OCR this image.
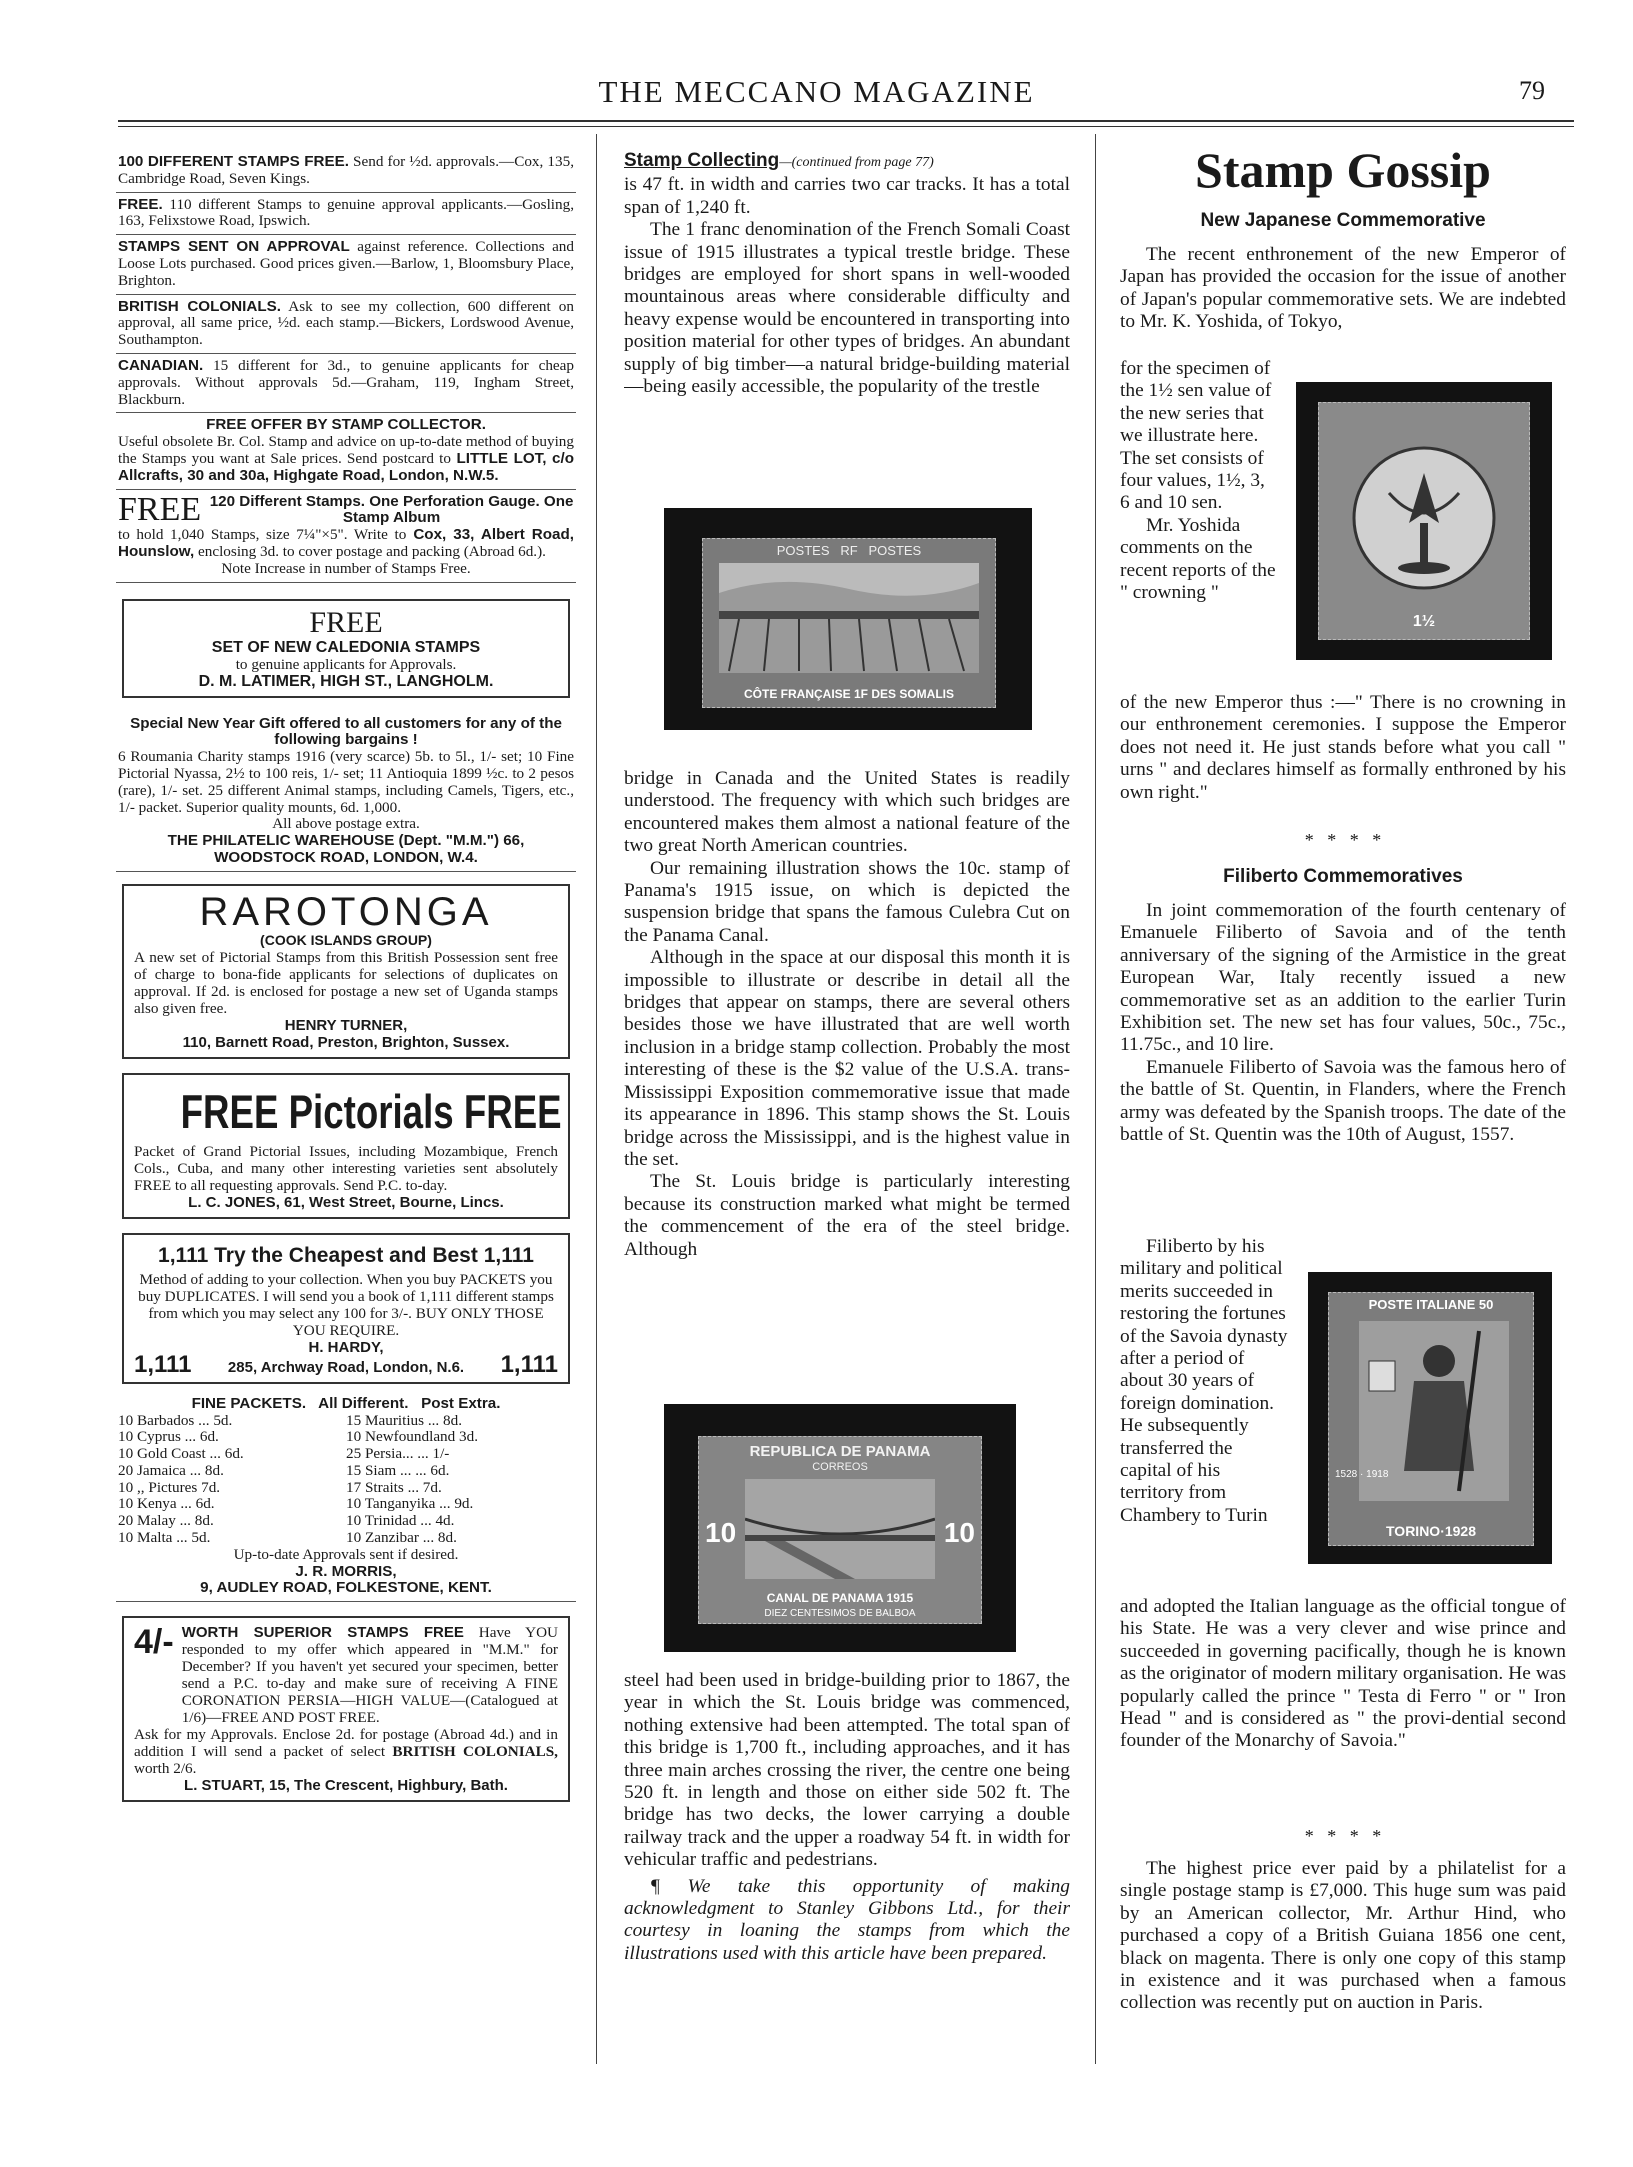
THE MECCANO MAGAZINE	79
100 DIFFERENT STAMPS FREE. Send for ½d. approvals.—Cox, 135, Cambridge Road, Seven Kings.
FREE. 110 different Stamps to genuine approval applicants.—Gosling, 163, Felixstowe Road, Ipswich.
STAMPS SENT ON APPROVAL against reference. Collections and Loose Lots purchased. Good prices given.—Barlow, 1, Bloomsbury Place, Brighton.
BRITISH COLONIALS. Ask to see my collection, 600 different on approval, all same price, ½d. each stamp.—Bickers, Lordswood Avenue, Southampton.
CANADIAN. 15 different for 3d., to genuine applicants for cheap approvals. Without approvals 5d.—Graham, 119, Ingham Street, Blackburn.
FREE OFFER BY STAMP COLLECTOR.
Useful obsolete Br. Col. Stamp and advice on up-to-date method of buying the Stamps you want at Sale prices. Send postcard to LITTLE LOT, c/o Allcrafts, 30 and 30a, Highgate Road, London, N.W.5.
FREE 120 Different Stamps. One Perforation Gauge. One Stamp Album
to hold 1,040 Stamps, size 7¼"×5". Write to Cox, 33, Albert Road, Hounslow, enclosing 3d. to cover postage and packing (Abroad 6d.).
Note Increase in number of Stamps Free.
FREE
SET OF NEW CALEDONIA STAMPS
to genuine applicants for Approvals.
D. M. LATIMER, HIGH ST., LANGHOLM.
Special New Year Gift offered to all customers for any of the following bargains !
6 Roumania Charity stamps 1916 (very scarce) 5b. to 5l., 1/- set; 10 Fine Pictorial Nyassa, 2½ to 100 reis, 1/- set; 11 Antioquia 1899 ½c. to 2 pesos (rare), 1/- set. 25 different Animal stamps, including Camels, Tigers, etc., 1/- packet. Superior quality mounts, 6d. 1,000.
All above postage extra.
THE PHILATELIC WAREHOUSE (Dept. "M.M.") 66, WOODSTOCK ROAD, LONDON, W.4.
RAROTONGA
(COOK ISLANDS GROUP)
A new set of Pictorial Stamps from this British Possession sent free of charge to bona-fide applicants for selections of duplicates on approval. If 2d. is enclosed for postage a new set of Uganda stamps also given free.
HENRY TURNER,
110, Barnett Road, Preston, Brighton, Sussex.
FREE Pictorials FREE
Packet of Grand Pictorial Issues, including Mozambique, French Cols., Cuba, and many other interesting varieties sent absolutely FREE to all requesting approvals. Send P.C. to-day.
L. C. JONES, 61, West Street, Bourne, Lincs.
1,111 Try the Cheapest and Best 1,111
Method of adding to your collection. When you buy PACKETS you buy DUPLICATES. I will send you a book of 1,111 different stamps from which you may select any 100 for 3/-. BUY ONLY THOSE YOU REQUIRE.
H. HARDY,
1,111 285, Archway Road, London, N.6. 1,111
FINE PACKETS.   All Different.   Post Extra.
10 Barbados ... 5d.	15 Mauritius ... 8d.
10 Cyprus ... 6d.	10 Newfoundland 3d.
10 Gold Coast ... 6d.	25 Persia... ... 1/-
20 Jamaica ... 8d.	15 Siam ... ... 6d.
10 ,, Pictures 7d.	17 Straits ... 7d.
10 Kenya ... 6d.	10 Tanganyika ... 9d.
20 Malay ... 8d.	10 Trinidad ... 4d.
10 Malta ... 5d.	10 Zanzibar ... 8d.
Up-to-date Approvals sent if desired.
J. R. MORRIS,
9, AUDLEY ROAD, FOLKESTONE, KENT.
4/- WORTH SUPERIOR STAMPS FREE Have YOU responded to my offer which appeared in "M.M." for December? If you haven't yet secured your specimen, better send a P.C. to-day and make sure of receiving A FINE CORONATION PERSIA—HIGH VALUE—(Catalogued at 1/6)—FREE AND POST FREE.
Ask for my Approvals. Enclose 2d. for postage (Abroad 4d.) and in addition I will send a packet of select BRITISH COLONIALS, worth 2/6.
L. STUART, 15, The Crescent, Highbury, Bath.

Stamp Collecting—(continued from page 77)

is 47 ft. in width and carries two car tracks. It has a total span of 1,240 ft.

The 1 franc denomination of the French Somali Coast issue of 1915 illustrates a typical trestle bridge. These bridges are employed for short spans in well-wooded mountainous areas where considerable difficulty and heavy expense would be encountered in transporting into position material for other types of bridges. An abundant supply of big timber—a natural bridge-building material—being easily accessible, the popularity of the trestle

POSTES   RF   POSTES
CÔTE FRANÇAISE 1F DES SOMALIS

bridge in Canada and the United States is readily understood. The frequency with which such bridges are encountered makes them almost a national feature of the two great North American countries.

Our remaining illustration shows the 10c. stamp of Panama's 1915 issue, on which is depicted the suspension bridge that spans the famous Culebra Cut on the Panama Canal.

Although in the space at our disposal this month it is impossible to illustrate or describe in detail all the bridges that appear on stamps, there are several others besides those we have illustrated that are well worth inclusion in a bridge stamp collection. Probably the most interesting of these is the $2 value of the U.S.A. trans-Mississippi Exposition commemorative issue that made its appearance in 1896. This stamp shows the St. Louis bridge across the Mississippi, and is the highest value in the set.

The St. Louis bridge is particularly interesting because its construction marked what might be termed the commencement of the era of the steel bridge. Although

REPUBLICA DE PANAMA
CORREOS
10	10
CANAL DE PANAMA 1915
DIEZ CENTESIMOS DE BALBOA

steel had been used in bridge-building prior to 1867, the year in which the St. Louis bridge was commenced, nothing extensive had been attempted. The total span of this bridge is 1,700 ft., including approaches, and it has three main arches crossing the river, the centre one being 520 ft. in length and those on either side 502 ft. The bridge has two decks, the lower carrying a double railway track and the upper a roadway 54 ft. in width for vehicular traffic and pedestrians.

¶ We take this opportunity of making acknowledgment to Stanley Gibbons Ltd., for their courtesy in loaning the stamps from which the illustrations used with this article have been prepared.

Stamp Gossip
New Japanese Commemorative

The recent enthronement of the new Emperor of Japan has provided the occasion for the issue of another of Japan's popular commemorative sets. We are indebted to Mr. K. Yoshida, of Tokyo,

for the specimen of the 1½ sen value of the new series that we illustrate here. The set consists of four values, 1½, 3, 6 and 10 sen.

Mr. Yoshida comments on the recent reports of the " crowning "

1½

of the new Emperor thus :—" There is no crowning in our enthronement ceremonies. I suppose the Emperor does not need it. He just stands before what you call " urns " and declares himself as formally enthroned by his own right."

*   *   *   *
Filiberto Commemoratives

In joint commemoration of the fourth centenary of Emanuele Filiberto of Savoia and of the tenth anniversary of the signing of the Armistice in the great European War, Italy recently issued a new commemorative set as an addition to the earlier Turin Exhibition set. The new set has four values, 50c., 75c., 11.75c., and 10 lire.

Emanuele Filiberto of Savoia was the famous hero of the battle of St. Quentin, in Flanders, where the French army was defeated by the Spanish troops. The date of the battle of St. Quentin was the 10th of August, 1557.

Filiberto by his military and political merits succeeded in restoring the fortunes of the Savoia dynasty after a period of about 30 years of foreign domination. He subsequently transferred the capital of his territory from Chambery to Turin

POSTE ITALIANE 50
1528 · 1918
TORINO·1928

and adopted the Italian language as the official tongue of his State. He was a very clever and wise prince and succeeded in governing pacifically, though he is known as the originator of modern military organisation. He was popularly called the prince " Testa di Ferro " or " Iron Head " and is considered as " the provi-dential second founder of the Monarchy of Savoia."

*   *   *   *

The highest price ever paid by a philatelist for a single postage stamp is £7,000. This huge sum was paid by an American collector, Mr. Arthur Hind, who purchased a copy of a British Guiana 1856 one cent, black on magenta. There is only one copy of this stamp in existence and it was purchased when a famous collection was recently put on auction in Paris.
